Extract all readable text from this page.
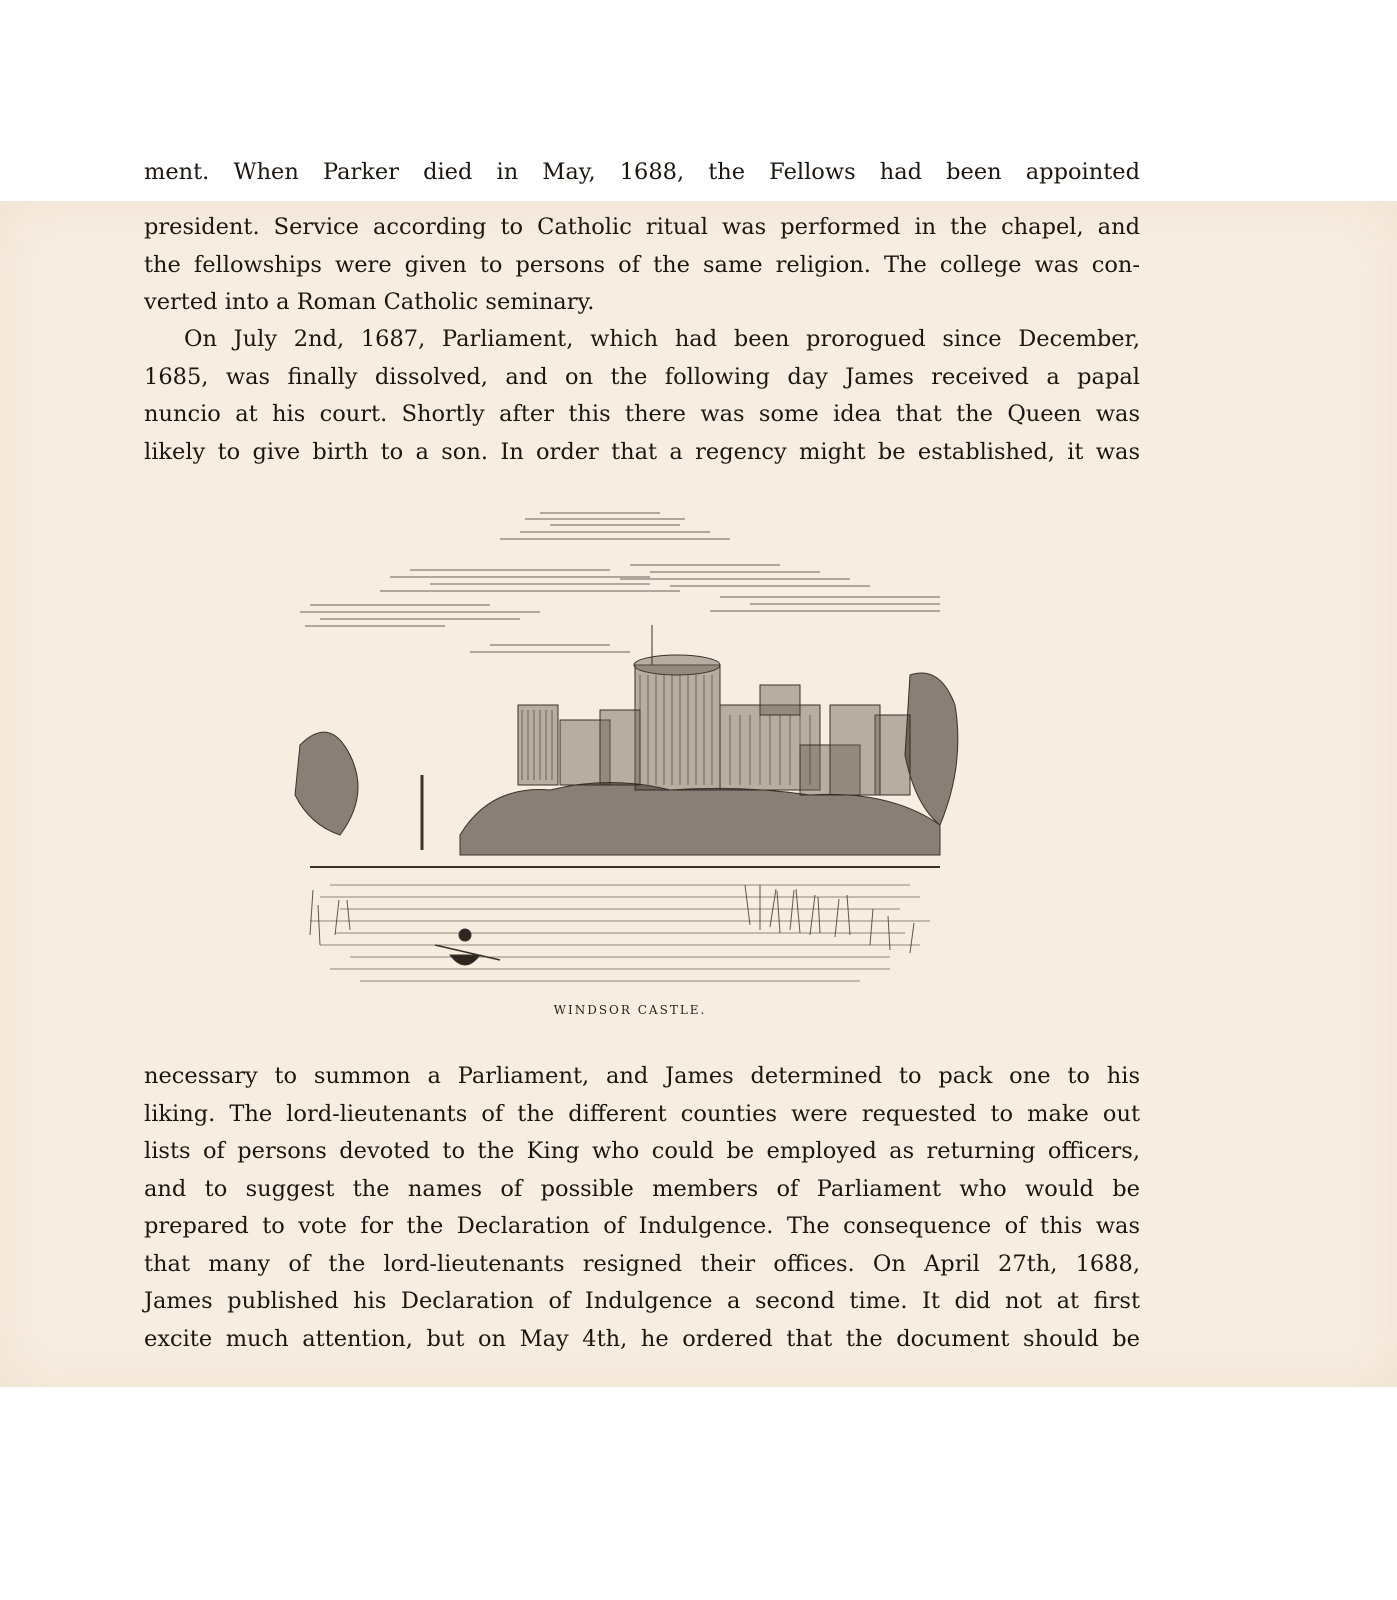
ment. When Parker died in May, 1688, the Fellows had been appointed
president. Service according to Catholic ritual was performed in the chapel, and
the fellowships were given to persons of the same religion. The college was con-
verted into a Roman Catholic seminary.
On July 2nd, 1687, Parliament, which had been prorogued since December,
1685, was finally dissolved, and on the following day James received a papal
nuncio at his court. Shortly after this there was some idea that the Queen was
likely to give birth to a son. In order that a regency might be established, it was
WINDSOR CASTLE.
necessary to summon a Parliament, and James determined to pack one to his
liking. The lord-lieutenants of the different counties were requested to make out
lists of persons devoted to the King who could be employed as returning officers,
and to suggest the names of possible members of Parliament who would be
prepared to vote for the Declaration of Indulgence. The consequence of this was
that many of the lord-lieutenants resigned their offices. On April 27th, 1688,
James published his Declaration of Indulgence a second time. It did not at first
excite much attention, but on May 4th, he ordered that the document should be
